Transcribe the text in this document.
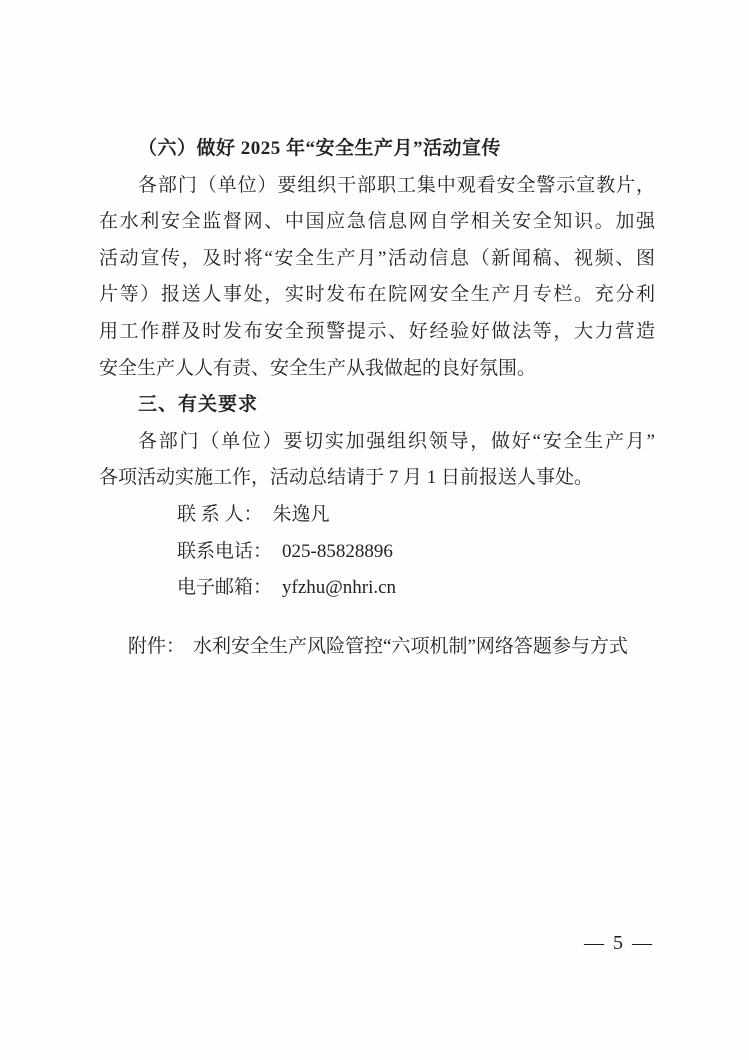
（六）做好 2025 年“安全生产月”活动宣传
各部门（单位）要组织干部职工集中观看安全警示宣教片，
在水利安全监督网、中国应急信息网自学相关安全知识。加强
活动宣传，及时将“安全生产月”活动信息（新闻稿、视频、图
片等）报送人事处，实时发布在院网安全生产月专栏。充分利
用工作群及时发布安全预警提示、好经验好做法等，大力营造
安全生产人人有责、安全生产从我做起的良好氛围。
三、有关要求
各部门（单位）要切实加强组织领导，做好“安全生产月”
各项活动实施工作，活动总结请于 7 月 1 日前报送人事处。
联 系 人： 朱逸凡
联系电话： 025-85828896
电子邮箱： yfzhu@nhri.cn
附件： 水利安全生产风险管控“六项机制”网络答题参与方式
— 5 —
